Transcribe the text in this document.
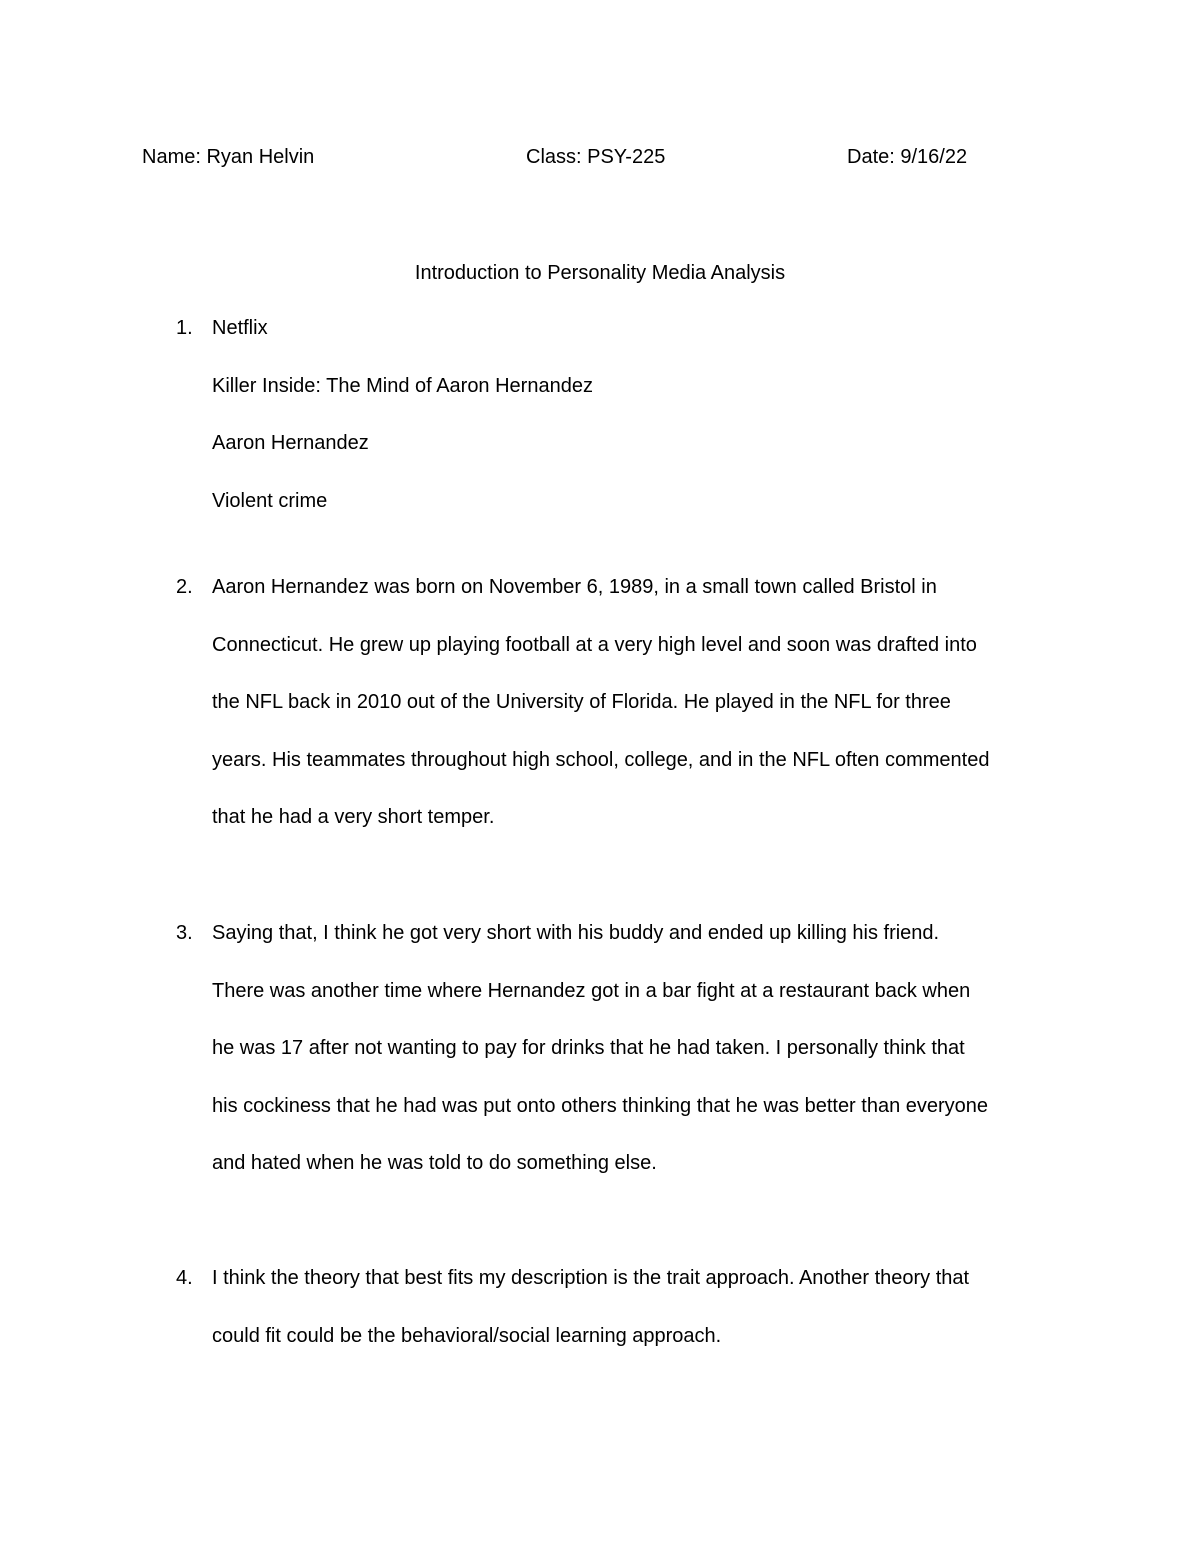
Name: Ryan Helvin	Class: PSY-225	Date: 9/16/22
Introduction to Personality Media Analysis
1. Netflix
Killer Inside: The Mind of Aaron Hernandez
Aaron Hernandez
Violent crime
2. Aaron Hernandez was born on November 6, 1989, in a small town called Bristol in
Connecticut. He grew up playing football at a very high level and soon was drafted into
the NFL back in 2010 out of the University of Florida. He played in the NFL for three
years. His teammates throughout high school, college, and in the NFL often commented
that he had a very short temper.
3. Saying that, I think he got very short with his buddy and ended up killing his friend.
There was another time where Hernandez got in a bar fight at a restaurant back when
he was 17 after not wanting to pay for drinks that he had taken. I personally think that
his cockiness that he had was put onto others thinking that he was better than everyone
and hated when he was told to do something else.
4. I think the theory that best fits my description is the trait approach. Another theory that
could fit could be the behavioral/social learning approach.
